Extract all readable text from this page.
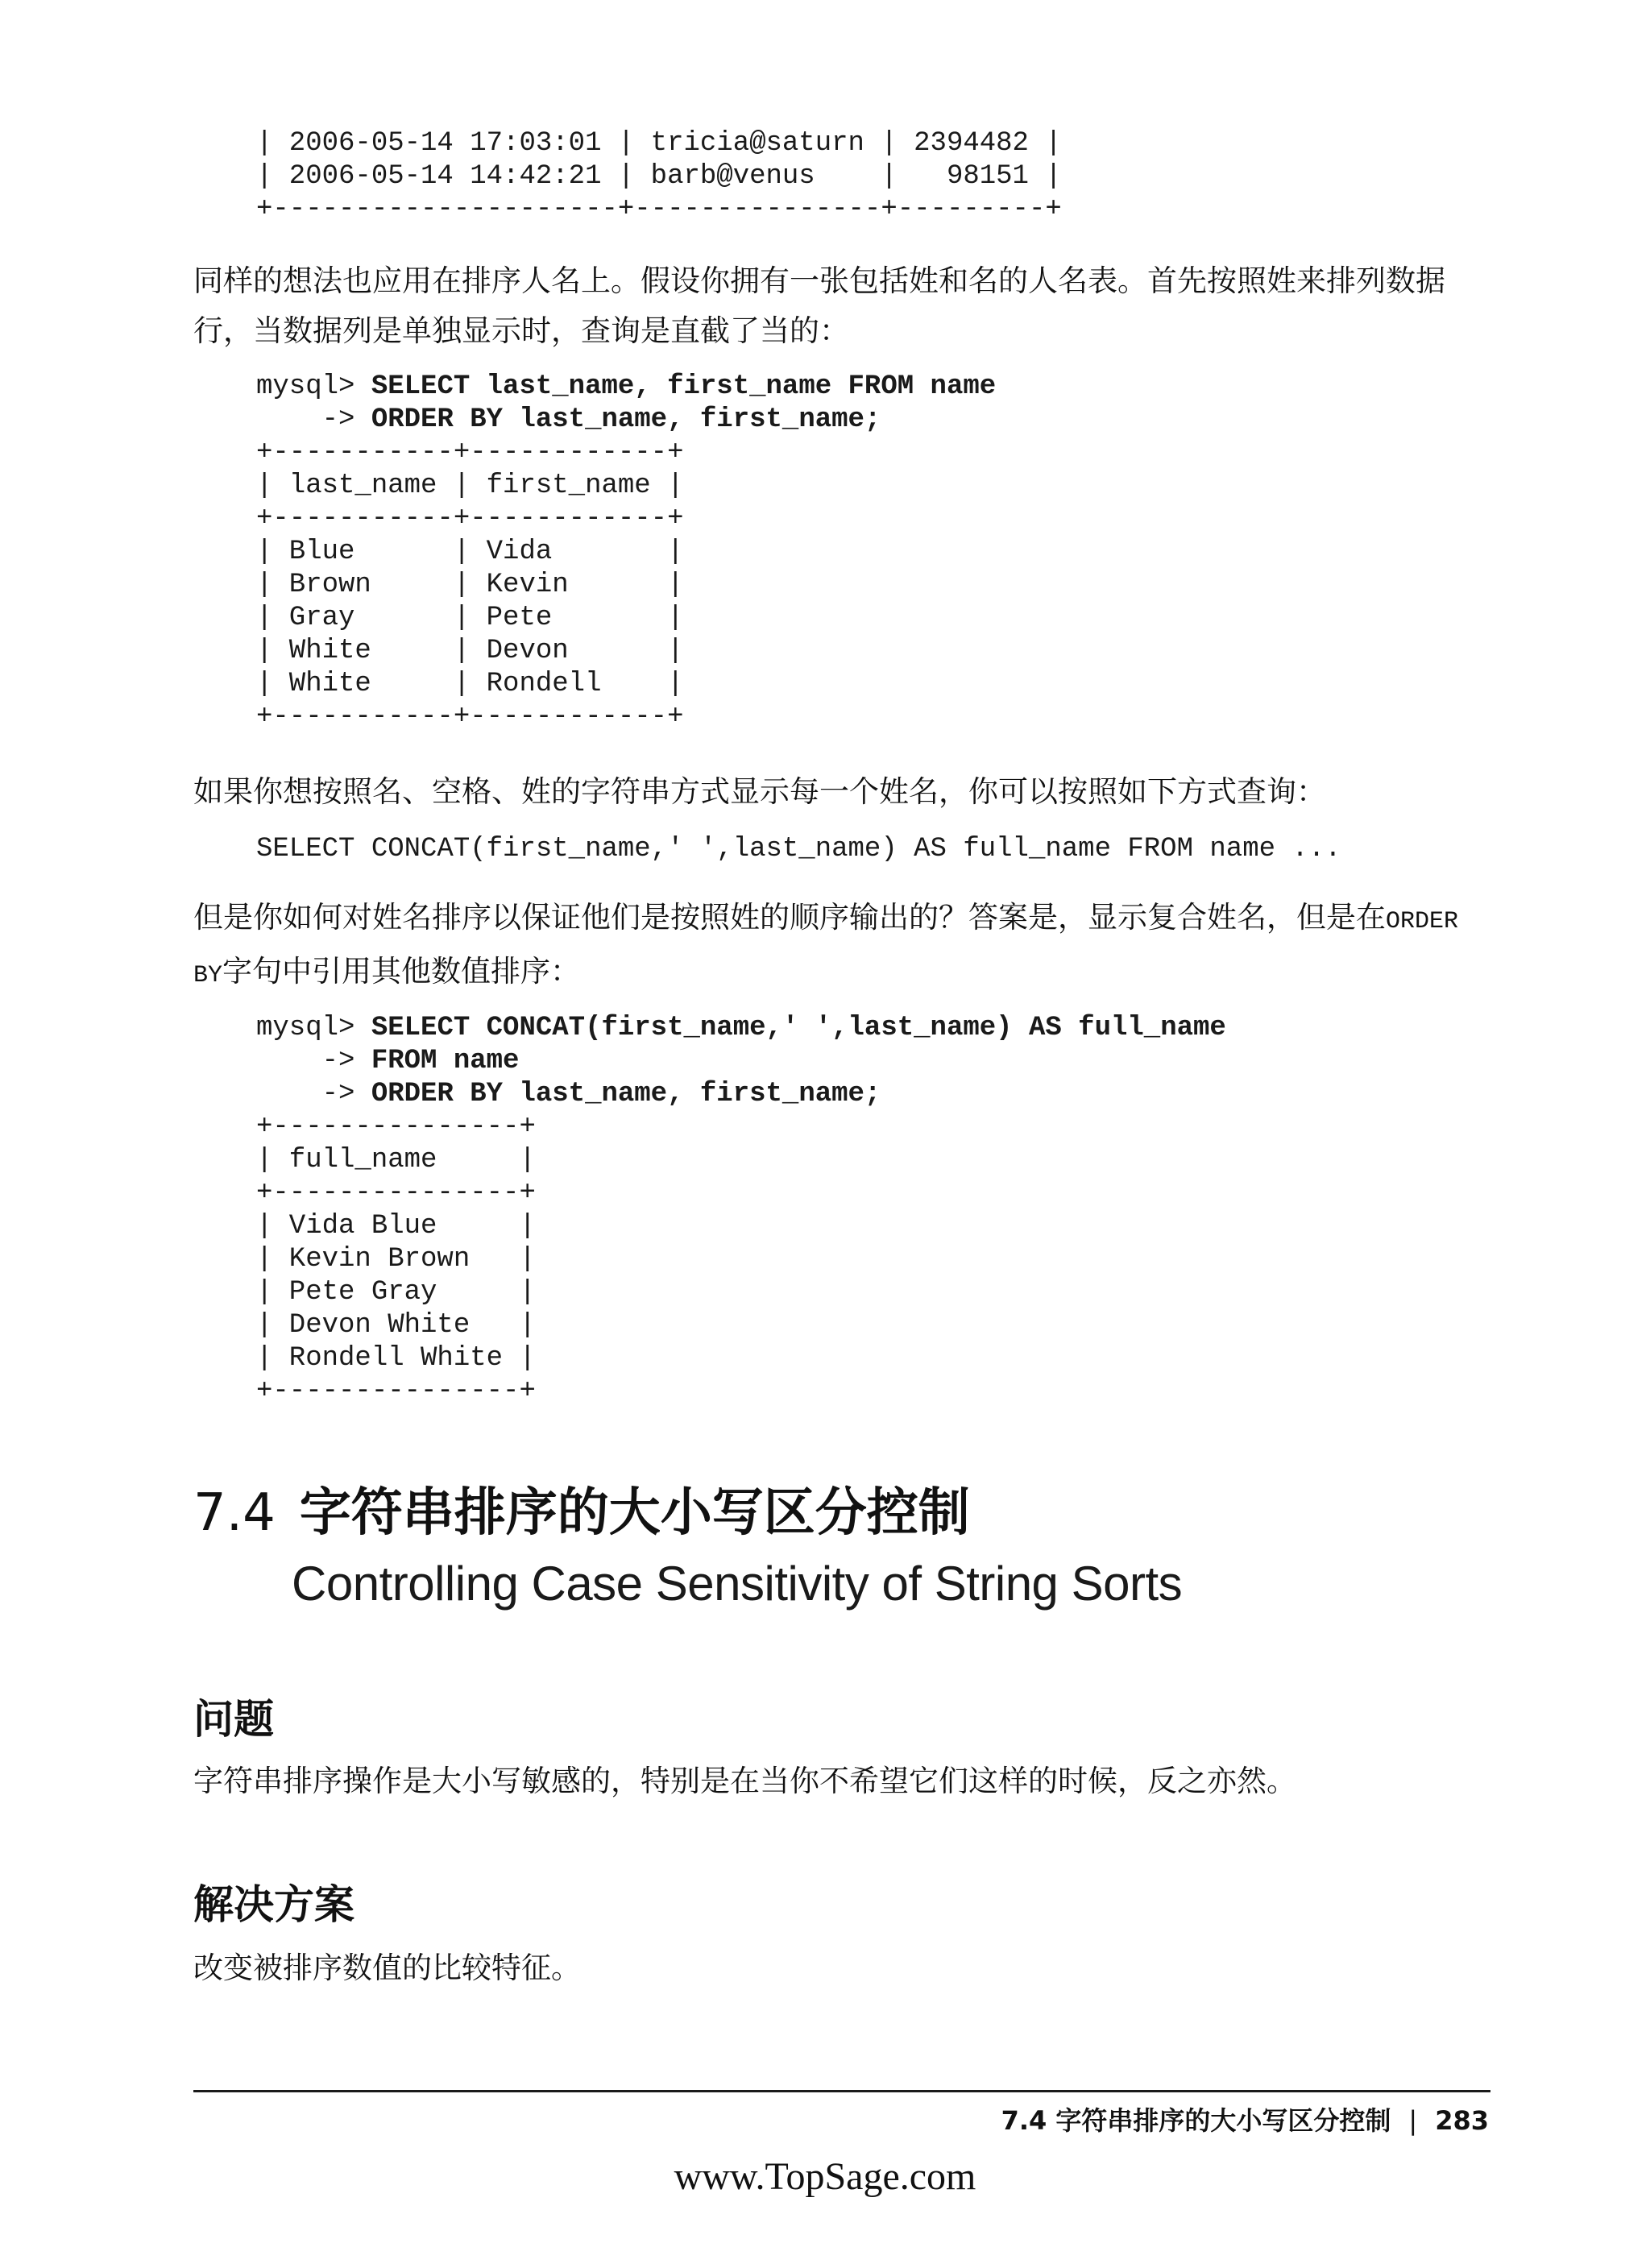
| 2006-05-14 17:03:01 | tricia@saturn | 2394482 |
| 2006-05-14 14:42:21 | barb@venus    |   98151 |
+---------------------+---------------+---------+
同样的想法也应用在排序人名上。假设你拥有一张包括姓和名的人名表。首先按照姓来排列数据行，当数据列是单独显示时，查询是直截了当的：
mysql> SELECT last_name, first_name FROM name
-> ORDER BY last_name, first_name;
+-----------+------------+
| last_name | first_name |
+-----------+------------+
| Blue      | Vida       |
| Brown     | Kevin      |
| Gray      | Pete       |
| White     | Devon      |
| White     | Rondell    |
+-----------+------------+
如果你想按照名、空格、姓的字符串方式显示每一个姓名，你可以按照如下方式查询：
SELECT CONCAT(first_name,' ',last_name) AS full_name FROM name ...
但是你如何对姓名排序以保证他们是按照姓的顺序输出的？答案是，显示复合姓名，但是在ORDER BY字句中引用其他数值排序：
mysql> SELECT CONCAT(first_name,' ',last_name) AS full_name
-> FROM name
-> ORDER BY last_name, first_name;
+---------------+
| full_name     |
+---------------+
| Vida Blue     |
| Kevin Brown   |
| Pete Gray     |
| Devon White   |
| Rondell White |
+---------------+
7.4 字符串排序的大小写区分控制
Controlling Case Sensitivity of String Sorts
问题
字符串排序操作是大小写敏感的，特别是在当你不希望它们这样的时候，反之亦然。
解决方案
改变被排序数值的比较特征。
7.4 字符串排序的大小写区分控制 | 283
www.TopSage.com
